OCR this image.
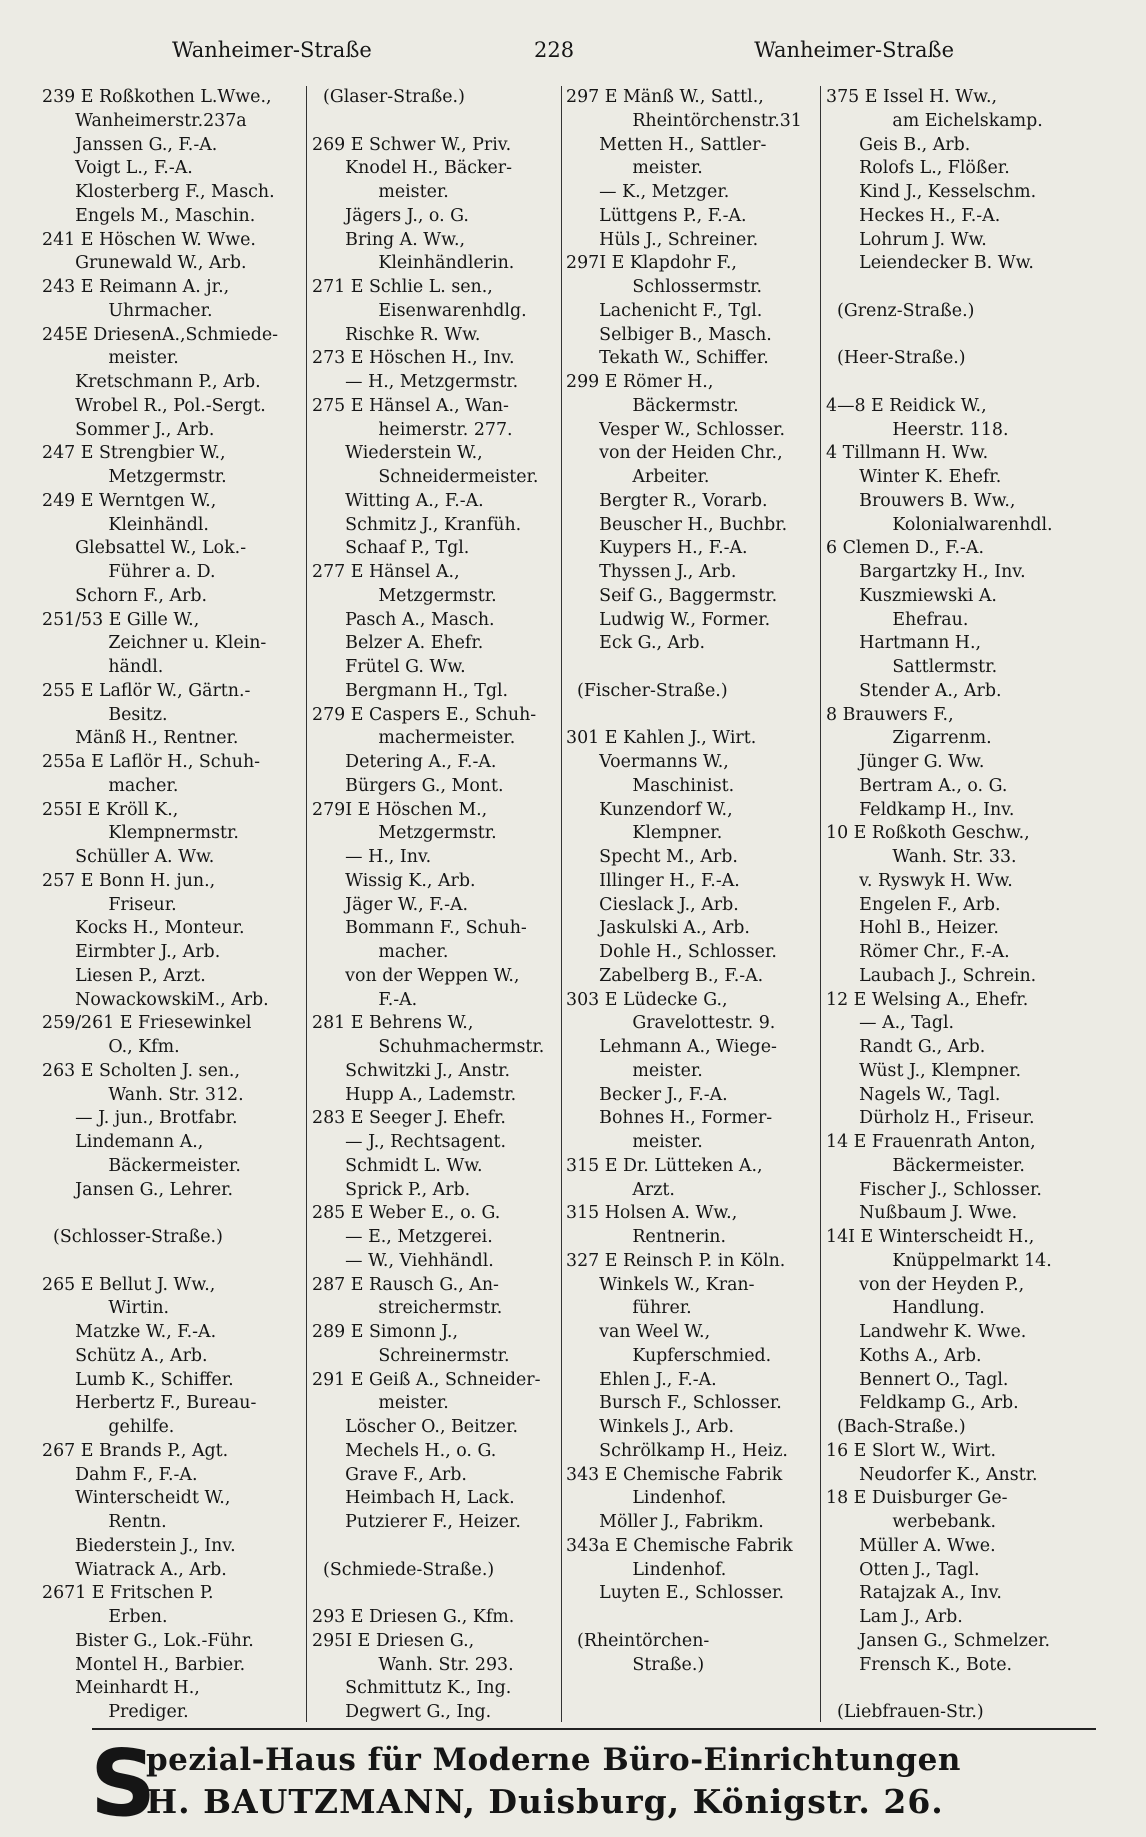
Wanheimer-Straße	228	Wanheimer-Straße
239 E Roßkothen L.Wwe.,
Wanheimerstr.237a
Janssen G., F.-A.
Voigt L., F.-A.
Klosterberg F., Masch.
Engels M., Maschin.
241 E Höschen W. Wwe.
Grunewald W., Arb.
243 E Reimann A. jr.,
Uhrmacher.
245E DriesenA.,Schmiede-
meister.
Kretschmann P., Arb.
Wrobel R., Pol.-Sergt.
Sommer J., Arb.
247 E Strengbier W.,
Metzgermstr.
249 E Werntgen W.,
Kleinhändl.
Glebsattel W., Lok.-
Führer a. D.
Schorn F., Arb.
251/53 E Gille W.,
Zeichner u. Klein-
händl.
255 E Laflör W., Gärtn.-
Besitz.
Mänß H., Rentner.
255a E Laflör H., Schuh-
macher.
255I E Kröll K.,
Klempnermstr.
Schüller A. Ww.
257 E Bonn H. jun.,
Friseur.
Kocks H., Monteur.
Eirmbter J., Arb.
Liesen P., Arzt.
NowackowskiM., Arb.
259/261 E Friesewinkel
O., Kfm.
263 E Scholten J. sen.,
Wanh. Str. 312.
— J. jun., Brotfabr.
Lindemann A.,
Bäckermeister.
Jansen G., Lehrer.

(Schlosser-Straße.)

265 E Bellut J. Ww.,
Wirtin.
Matzke W., F.-A.
Schütz A., Arb.
Lumb K., Schiffer.
Herbertz F., Bureau-
gehilfe.
267 E Brands P., Agt.
Dahm F., F.-A.
Winterscheidt W.,
Rentn.
Biederstein J., Inv.
Wiatrack A., Arb.
2671 E Fritschen P.
Erben.
Bister G., Lok.-Führ.
Montel H., Barbier.
Meinhardt H.,
Prediger.
(Glaser-Straße.)

269 E Schwer W., Priv.
Knodel H., Bäcker-
meister.
Jägers J., o. G.
Bring A. Ww.,
Kleinhändlerin.
271 E Schlie L. sen.,
Eisenwarenhdlg.
Rischke R. Ww.
273 E Höschen H., Inv.
— H., Metzgermstr.
275 E Hänsel A., Wan-
heimerstr. 277.
Wiederstein W.,
Schneidermeister.
Witting A., F.-A.
Schmitz J., Kranfüh.
Schaaf P., Tgl.
277 E Hänsel A.,
Metzgermstr.
Pasch A., Masch.
Belzer A. Ehefr.
Frütel G. Ww.
Bergmann H., Tgl.
279 E Caspers E., Schuh-
machermeister.
Detering A., F.-A.
Bürgers G., Mont.
279I E Höschen M.,
Metzgermstr.
— H., Inv.
Wissig K., Arb.
Jäger W., F.-A.
Bommann F., Schuh-
macher.
von der Weppen W.,
F.-A.
281 E Behrens W.,
Schuhmachermstr.
Schwitzki J., Anstr.
Hupp A., Lademstr.
283 E Seeger J. Ehefr.
— J., Rechtsagent.
Schmidt L. Ww.
Sprick P., Arb.
285 E Weber E., o. G.
— E., Metzgerei.
— W., Viehhändl.
287 E Rausch G., An-
streichermstr.
289 E Simonn J.,
Schreinermstr.
291 E Geiß A., Schneider-
meister.
Löscher O., Beitzer.
Mechels H., o. G.
Grave F., Arb.
Heimbach H, Lack.
Putzierer F., Heizer.

(Schmiede-Straße.)

293 E Driesen G., Kfm.
295I E Driesen G.,
Wanh. Str. 293.
Schmittutz K., Ing.
Degwert G., Ing.
297 E Mänß W., Sattl.,
Rheintörchenstr.31
Metten H., Sattler-
meister.
— K., Metzger.
Lüttgens P., F.-A.
Hüls J., Schreiner.
297I E Klapdohr F.,
Schlossermstr.
Lachenicht F., Tgl.
Selbiger B., Masch.
Tekath W., Schiffer.
299 E Römer H.,
Bäckermstr.
Vesper W., Schlosser.
von der Heiden Chr.,
Arbeiter.
Bergter R., Vorarb.
Beuscher H., Buchbr.
Kuypers H., F.-A.
Thyssen J., Arb.
Seif G., Baggermstr.
Ludwig W., Former.
Eck G., Arb.

(Fischer-Straße.)

301 E Kahlen J., Wirt.
Voermanns W.,
Maschinist.
Kunzendorf W.,
Klempner.
Specht M., Arb.
Illinger H., F.-A.
Cieslack J., Arb.
Jaskulski A., Arb.
Dohle H., Schlosser.
Zabelberg B., F.-A.
303 E Lüdecke G.,
Gravelottestr. 9.
Lehmann A., Wiege-
meister.
Becker J., F.-A.
Bohnes H., Former-
meister.
315 E Dr. Lütteken A.,
Arzt.
315 Holsen A. Ww.,
Rentnerin.
327 E Reinsch P. in Köln.
Winkels W., Kran-
führer.
van Weel W.,
Kupferschmied.
Ehlen J., F.-A.
Bursch F., Schlosser.
Winkels J., Arb.
Schrölkamp H., Heiz.
343 E Chemische Fabrik
Lindenhof.
Möller J., Fabrikm.
343a E Chemische Fabrik
Lindenhof.
Luyten E., Schlosser.

(Rheintörchen-
Straße.)
375 E Issel H. Ww.,
am Eichelskamp.
Geis B., Arb.
Rolofs L., Flößer.
Kind J., Kesselschm.
Heckes H., F.-A.
Lohrum J. Ww.
Leiendecker B. Ww.

(Grenz-Straße.)

(Heer-Straße.)

4—8 E Reidick W.,
Heerstr. 118.
4 Tillmann H. Ww.
Winter K. Ehefr.
Brouwers B. Ww.,
Kolonialwarenhdl.
6 Clemen D., F.-A.
Bargartzky H., Inv.
Kuszmiewski A.
Ehefrau.
Hartmann H.,
Sattlermstr.
Stender A., Arb.
8 Brauwers F.,
Zigarrenm.
Jünger G. Ww.
Bertram A., o. G.
Feldkamp H., Inv.
10 E Roßkoth Geschw.,
Wanh. Str. 33.
v. Ryswyk H. Ww.
Engelen F., Arb.
Hohl B., Heizer.
Römer Chr., F.-A.
Laubach J., Schrein.
12 E Welsing A., Ehefr.
— A., Tagl.
Randt G., Arb.
Wüst J., Klempner.
Nagels W., Tagl.
Dürholz H., Friseur.
14 E Frauenrath Anton,
Bäckermeister.
Fischer J., Schlosser.
Nußbaum J. Wwe.
14I E Winterscheidt H.,
Knüppelmarkt 14.
von der Heyden P.,
Handlung.
Landwehr K. Wwe.
Koths A., Arb.
Bennert O., Tagl.
Feldkamp G., Arb.
(Bach-Straße.)
16 E Slort W., Wirt.
Neudorfer K., Anstr.
18 E Duisburger Ge-
werbebank.
Müller A. Wwe.
Otten J., Tagl.
Ratajzak A., Inv.
Lam J., Arb.
Jansen G., Schmelzer.
Frensch K., Bote.

(Liebfrauen-Str.)
S
pezial-Haus für Moderne Büro-Einrichtungen
H. BAUTZMANN, Duisburg, Königstr. 26.
